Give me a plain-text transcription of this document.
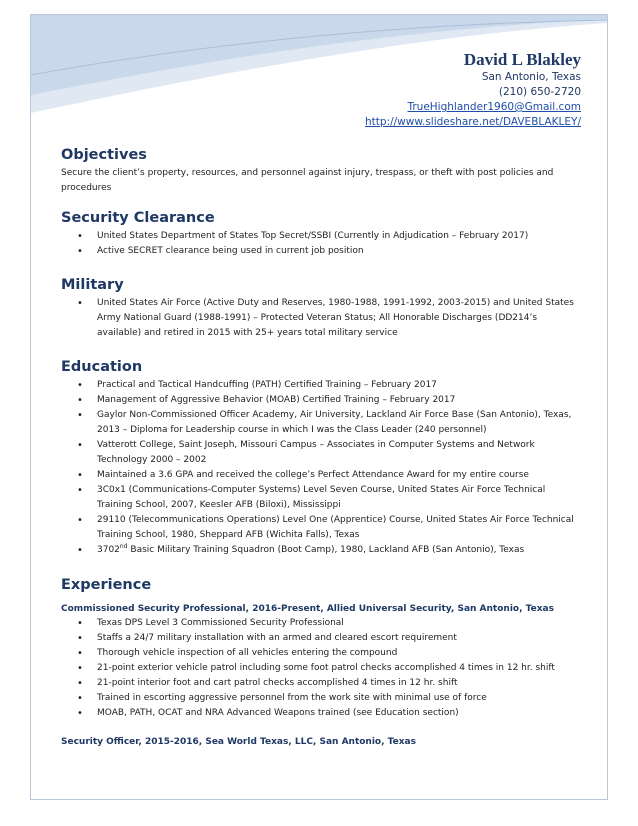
David L Blakley
San Antonio, Texas
(210) 650-2720
TrueHighlander1960@Gmail.com
http://www.slideshare.net/DAVEBLAKLEY/
Objectives

Secure the client’s property, resources, and personnel against injury, trespass, or theft with post policies and procedures

Security Clearance
• United States Department of States Top Secret/SSBI (Currently in Adjudication – February 2017)
• Active SECRET clearance being used in current job position
Military
• United States Air Force (Active Duty and Reserves, 1980-1988, 1991-1992, 2003-2015) and United States Army National Guard (1988-1991) – Protected Veteran Status; All Honorable Discharges (DD214’s available) and retired in 2015 with 25+ years total military service
Education
• Practical and Tactical Handcuffing (PATH) Certified Training – February 2017
• Management of Aggressive Behavior (MOAB) Certified Training – February 2017
• Gaylor Non-Commissioned Officer Academy, Air University, Lackland Air Force Base (San Antonio), Texas, 2013 – Diploma for Leadership course in which I was the Class Leader (240 personnel)
• Vatterott College, Saint Joseph, Missouri Campus – Associates in Computer Systems and Network Technology 2000 – 2002
• Maintained a 3.6 GPA and received the college’s Perfect Attendance Award for my entire course
• 3C0x1 (Communications-Computer Systems) Level Seven Course, United States Air Force Technical Training School, 2007, Keesler AFB (Biloxi), Mississippi
• 29110 (Telecommunications Operations) Level One (Apprentice) Course, United States Air Force Technical Training School, 1980, Sheppard AFB (Wichita Falls), Texas
• 3702nd Basic Military Training Squadron (Boot Camp), 1980, Lackland AFB (San Antonio), Texas
Experience
Commissioned Security Professional, 2016-Present, Allied Universal Security, San Antonio, Texas
• Texas DPS Level 3 Commissioned Security Professional
• Staffs a 24/7 military installation with an armed and cleared escort requirement
• Thorough vehicle inspection of all vehicles entering the compound
• 21-point exterior vehicle patrol including some foot patrol checks accomplished 4 times in 12 hr. shift
• 21-point interior foot and cart patrol checks accomplished 4 times in 12 hr. shift
• Trained in escorting aggressive personnel from the work site with minimal use of force
• MOAB, PATH, OCAT and NRA Advanced Weapons trained (see Education section)
Security Officer, 2015-2016, Sea World Texas, LLC, San Antonio, Texas
